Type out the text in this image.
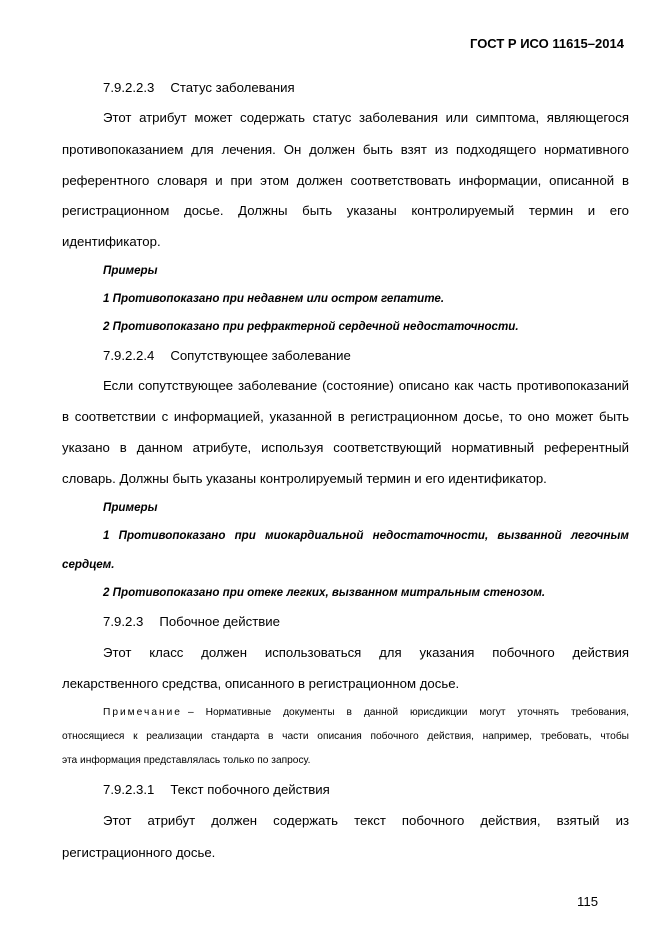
ГОСТ Р ИСО 11615–2014
7.9.2.2.3 Статус заболевания
Этот атрибут может содержать статус заболевания или симптома, являющегося
противопоказанием для лечения. Он должен быть взят из подходящего нормативного
референтного словаря и при этом должен соответствовать информации, описанной в
регистрационном досье. Должны быть указаны контролируемый термин и его
идентификатор.
Примеры
1 Противопоказано при недавнем или остром гепатите.
2 Противопоказано при рефрактерной сердечной недостаточности.
7.9.2.2.4 Сопутствующее заболевание
Если сопутствующее заболевание (состояние) описано как часть противопоказаний
в соответствии с информацией, указанной в регистрационном досье, то оно может быть
указано в данном атрибуте, используя соответствующий нормативный референтный
словарь. Должны быть указаны контролируемый термин и его идентификатор.
Примеры
1 Противопоказано при миокардиальной недостаточности, вызванной легочным
сердцем.
2 Противопоказано при отеке легких, вызванном митральным стенозом.
7.9.2.3 Побочное действие
Этот класс должен использоваться для указания побочного действия
лекарственного средства, описанного в регистрационном досье.
Примечание – Нормативные документы в данной юрисдикции могут уточнять требования,
относящиеся к реализации стандарта в части описания побочного действия, например, требовать, чтобы
эта информация представлялась только по запросу.
7.9.2.3.1 Текст побочного действия
Этот атрибут должен содержать текст побочного действия, взятый из
регистрационного досье.
115
